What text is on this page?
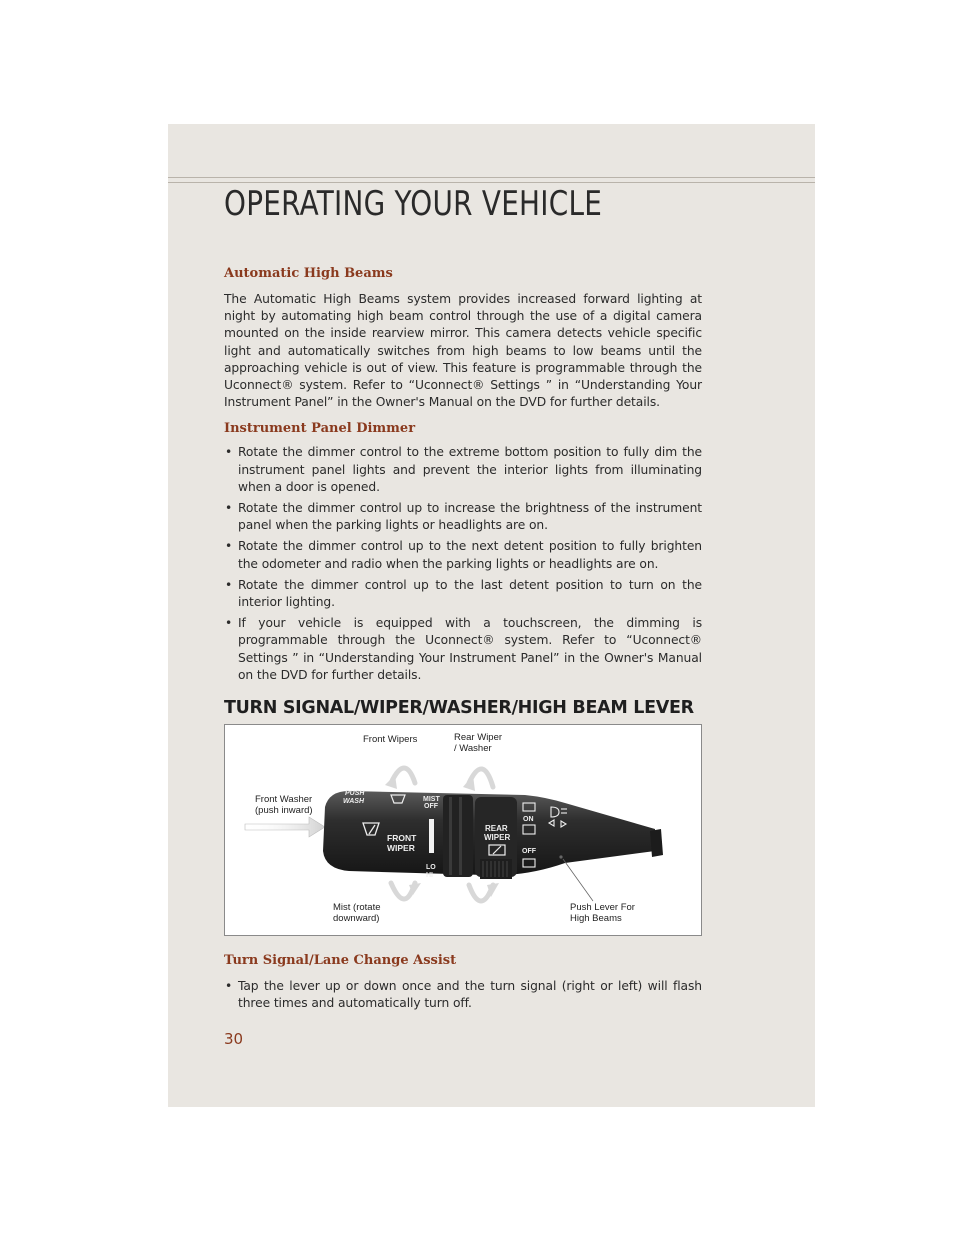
OPERATING YOUR VEHICLE
Automatic High Beams

The Automatic High Beams system provides increased forward lighting at night by automating high beam control through the use of a digital camera mounted on the inside rearview mirror. This camera detects vehicle specific light and automatically switches from high beams to low beams until the approaching vehicle is out of view. This feature is programmable through the Uconnect® system. Refer to “Uconnect® Settings ” in “Understanding Your Instrument Panel” in the Owner's Manual on the DVD for further details.

Instrument Panel Dimmer
• Rotate the dimmer control to the extreme bottom position to fully dim the instrument panel lights and prevent the interior lights from illuminating when a door is opened.
• Rotate the dimmer control up to increase the brightness of the instrument panel when the parking lights or headlights are on.
• Rotate the dimmer control up to the next detent position to fully brighten the odometer and radio when the parking lights or headlights are on.
• Rotate the dimmer control up to the last detent position to turn on the interior lighting.
• If your vehicle is equipped with a touchscreen, the dimming is programmable through the Uconnect® system. Refer to “Uconnect® Settings ” in “Understanding Your Instrument Panel” in the Owner's Manual on the DVD for further details.
TURN SIGNAL/WIPER/WASHER/HIGH BEAM LEVER
PUSH
WASH	MIST
OFF
FRONT
WIPER
LO
HI
REAR
WIPER
ON
OFF
Front Wipers	Rear Wiper
/ Washer
Front Washer
(push inward)
Mist (rotate
downward)
Push Lever For
High Beams
Turn Signal/Lane Change Assist
• Tap the lever up or down once and the turn signal (right or left) will flash three times and automatically turn off.
30
